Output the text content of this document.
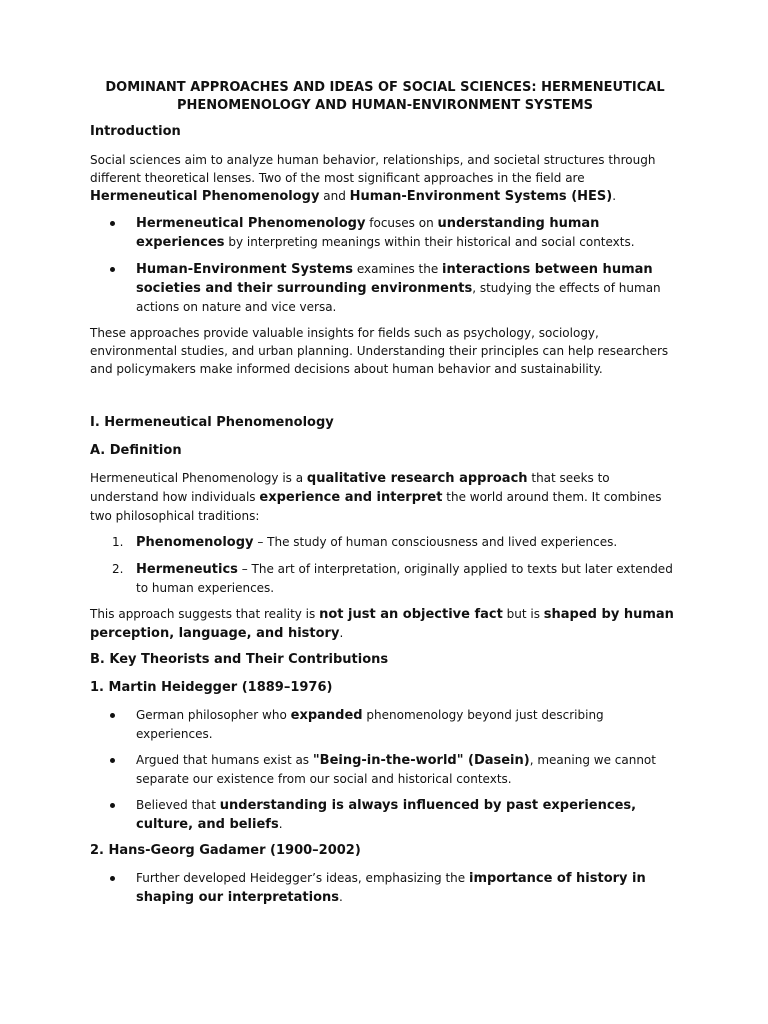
DOMINANT APPROACHES AND IDEAS OF SOCIAL SCIENCES: HERMENEUTICAL
PHENOMENOLOGY AND HUMAN-ENVIRONMENT SYSTEMS
Introduction

Social sciences aim to analyze human behavior, relationships, and societal structures through different theoretical lenses. Two of the most significant approaches in the field are Hermeneutical Phenomenology and Human-Environment Systems (HES).

Hermeneutical Phenomenology focuses on understanding human experiences by interpreting meanings within their historical and social contexts.

Human-Environment Systems examines the interactions between human societies and their surrounding environments, studying the effects of human actions on nature and vice versa.

These approaches provide valuable insights for fields such as psychology, sociology, environmental studies, and urban planning. Understanding their principles can help researchers and policymakers make informed decisions about human behavior and sustainability.

I. Hermeneutical Phenomenology
A. Definition

Hermeneutical Phenomenology is a qualitative research approach that seeks to understand how individuals experience and interpret the world around them. It combines two philosophical traditions:

1. Phenomenology – The study of human consciousness and lived experiences.

2. Hermeneutics – The art of interpretation, originally applied to texts but later extended to human experiences.

This approach suggests that reality is not just an objective fact but is shaped by human perception, language, and history.

B. Key Theorists and Their Contributions
1. Martin Heidegger (1889–1976)

German philosopher who expanded phenomenology beyond just describing experiences.

Argued that humans exist as "Being-in-the-world" (Dasein), meaning we cannot separate our existence from our social and historical contexts.

Believed that understanding is always influenced by past experiences, culture, and beliefs.

2. Hans-Georg Gadamer (1900–2002)

Further developed Heidegger’s ideas, emphasizing the importance of history in shaping our interpretations.
